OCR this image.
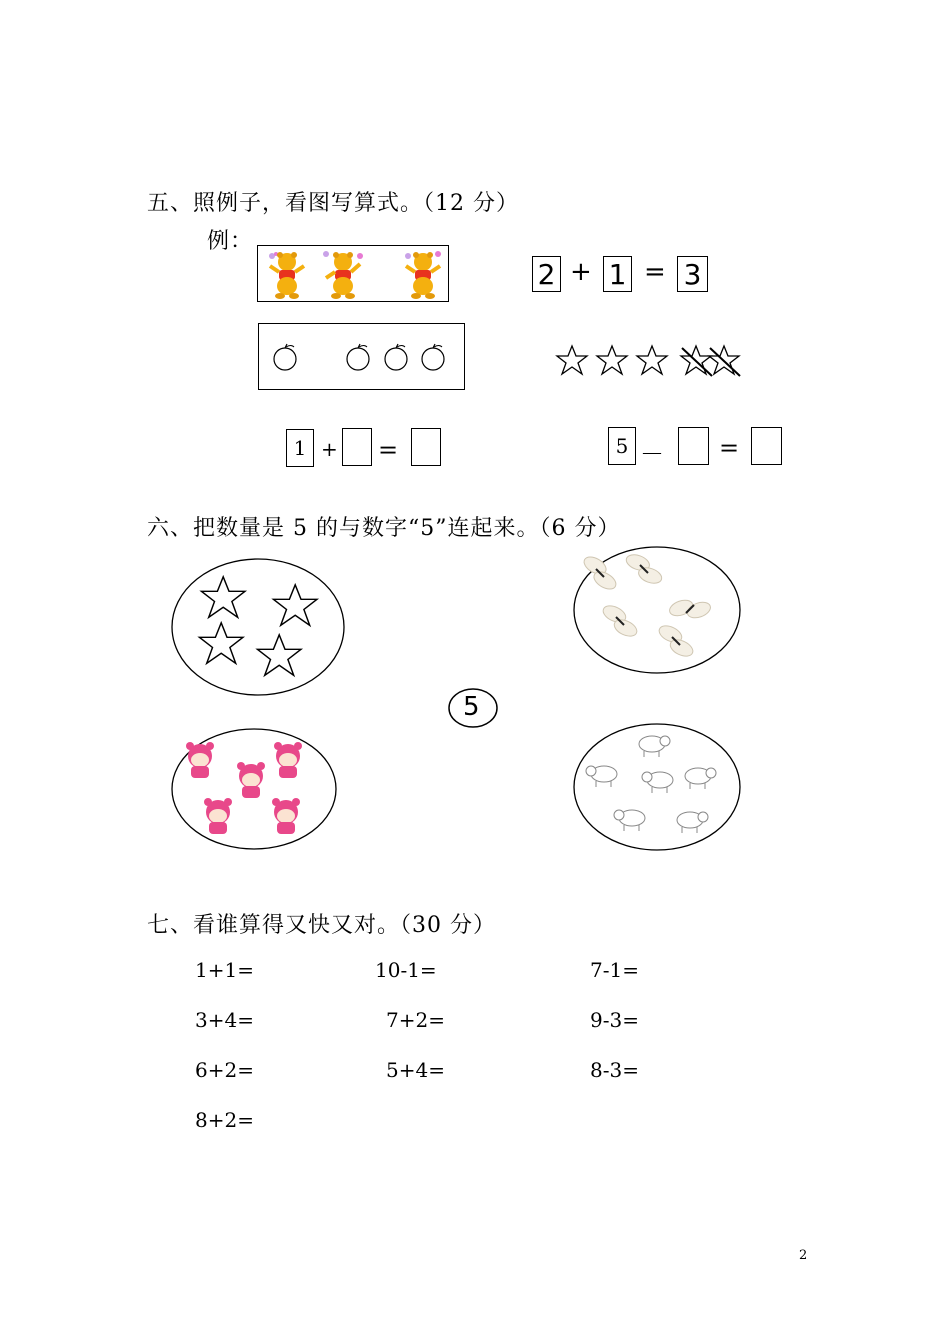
五、照例子，看图写算式。（12 分）
例：
2 + 1 = 3
1 + =	5 － =
六、把数量是 5 的与数字“5”连起来。（6 分）
5
七、看谁算得又快又对。（30 分）
1+1=	10-1=	7-1=
3+4=	7+2=	9-3=
6+2=	5+4=	8-3=
8+2=
2
